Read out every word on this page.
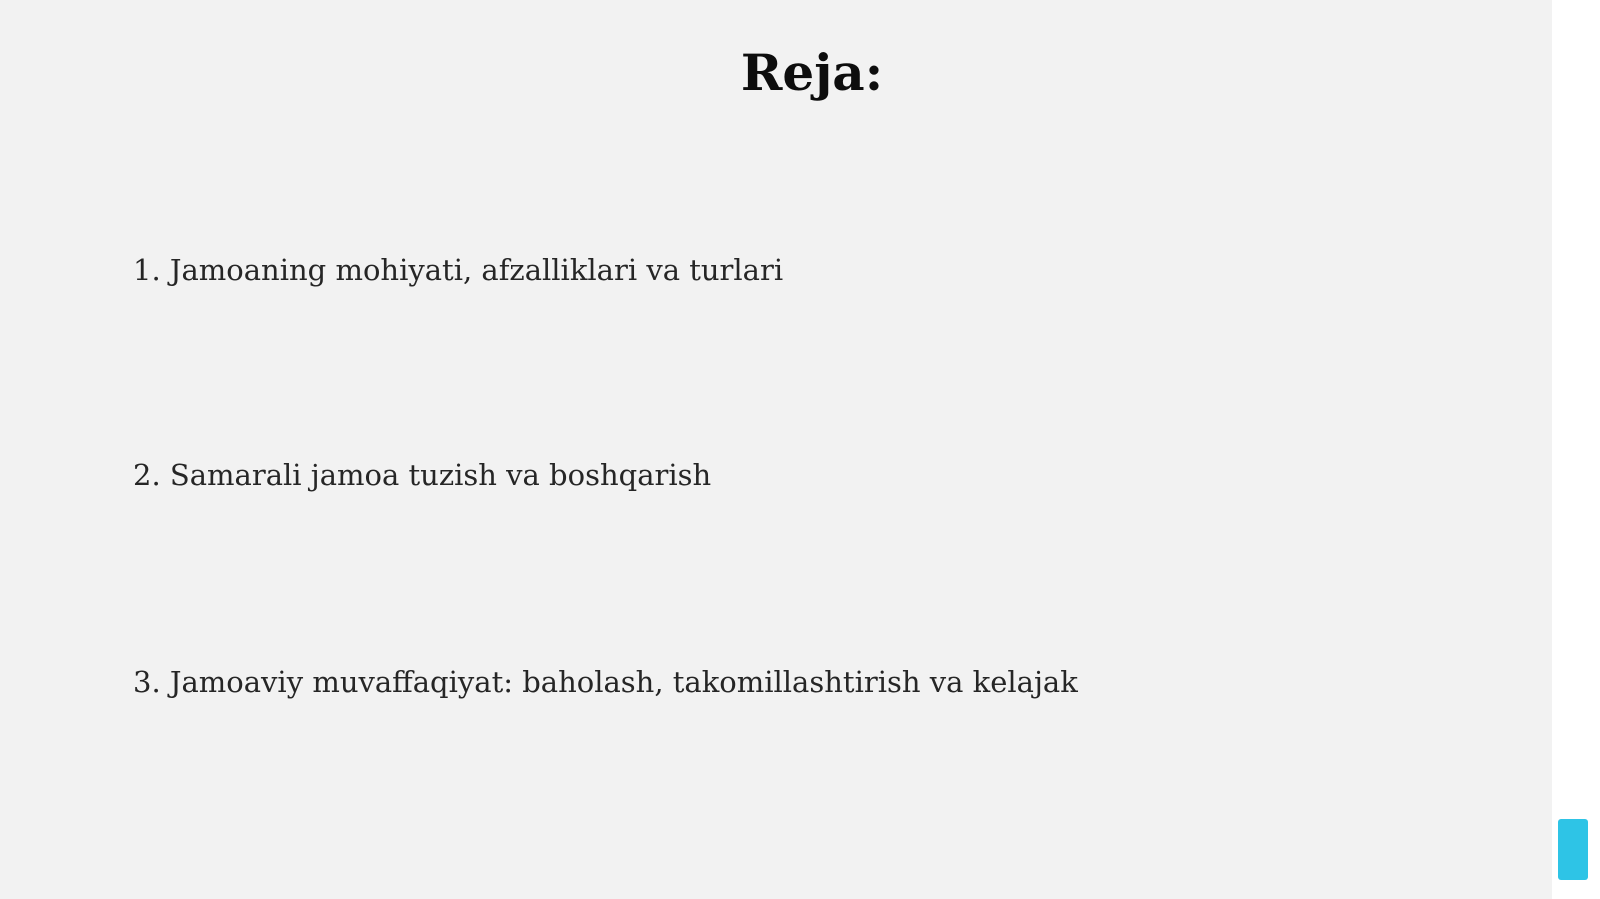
Reja:
1. Jamoaning mohiyati, afzalliklari va turlari
2. Samarali jamoa tuzish va boshqarish
3. Jamoaviy muvaffaqiyat: baholash, takomillashtirish va kelajak
